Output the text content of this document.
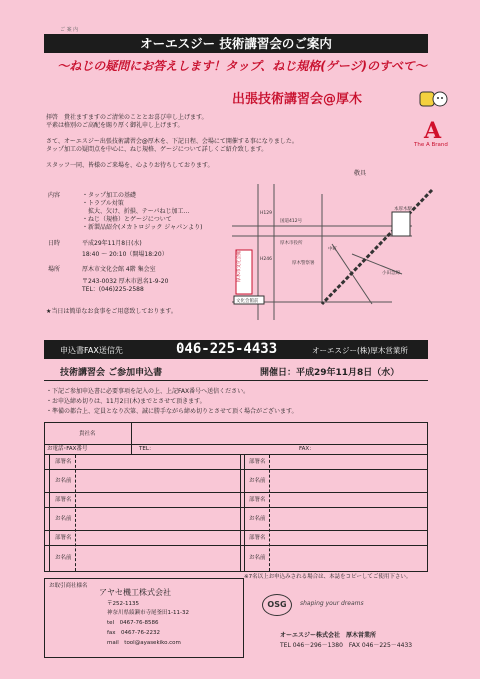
ご 案 内
オーエスジー 技術講習会のご案内
～ねじの疑問にお答えします！タップ、ねじ規格(ゲージ)のすべて～
出張技術講習会@厚木
A
The A Brand
拝啓　貴社ますますのご清栄のこととお喜び申し上げます。
平素は格別のご高配を賜り厚く御礼申し上げます。
さて、オーエスジー出張技術講習会@厚木を、下記日程、会場にて開催する事になりました。
タップ加工の疑問点を中心に、ねじ規格、ゲージについて詳しくご紹介致します。
スタッフ一同、皆様のご来場を、心よりお待ちしております。
敬具
内容	・タップ加工の基礎
・トラブル対策
　拡大、欠け、折損、テーパねじ加工…
・ねじ（規格）とゲージについて
・新製品紹介(メカトロジック ジャパンより)
日時	平成29年11月8日(水)
18:40 ～ 20:10（開場18:20）
場所	厚木市文化会館 4階 集会室
〒243-0032 厚木市恩名1-9-20
TEL：(046)225-2588
★当日は簡単なお食事をご用意致しております。
国道412号
厚木市役所
厚木市文化会館	小田急線
本厚木駅
文化会館前
厚木警察署
中町
H129
H246
申込書FAX送信先	046-225-4433	オーエスジー(株)厚木営業所
技術講習会 ご参加申込書	開催日：平成29年11月8日（水）
・下記ご参加申込書に必要事項を記入の上、上記FAX番号へ送信ください。
・お申込締め切りは、11月2日(木)までとさせて頂きます。
・準備の都合上、定員となり次第、誠に勝手ながら締め切りとさせて頂く場合がございます。
貴社名
お電話･FAX番号	TEL：	FAX：
部署名	部署名
お名前	お名前
部署名	部署名
お名前	お名前
部署名	部署名
お名前	お名前
※7名以上お申込みされる場合は、本誌をコピーしてご使用下さい。
お取引商社様名
アヤセ機工株式会社
〒252-1135
神奈川県綾瀬市寺尾釜田1-11-32
tel　0467-76-8586
fax　0467-76-2232
mail　tool@ayasekiko.com
OSG	shaping your dreams
オーエスジー株式会社　厚木営業所
TEL 046－296－1380　FAX 046－225－4433
